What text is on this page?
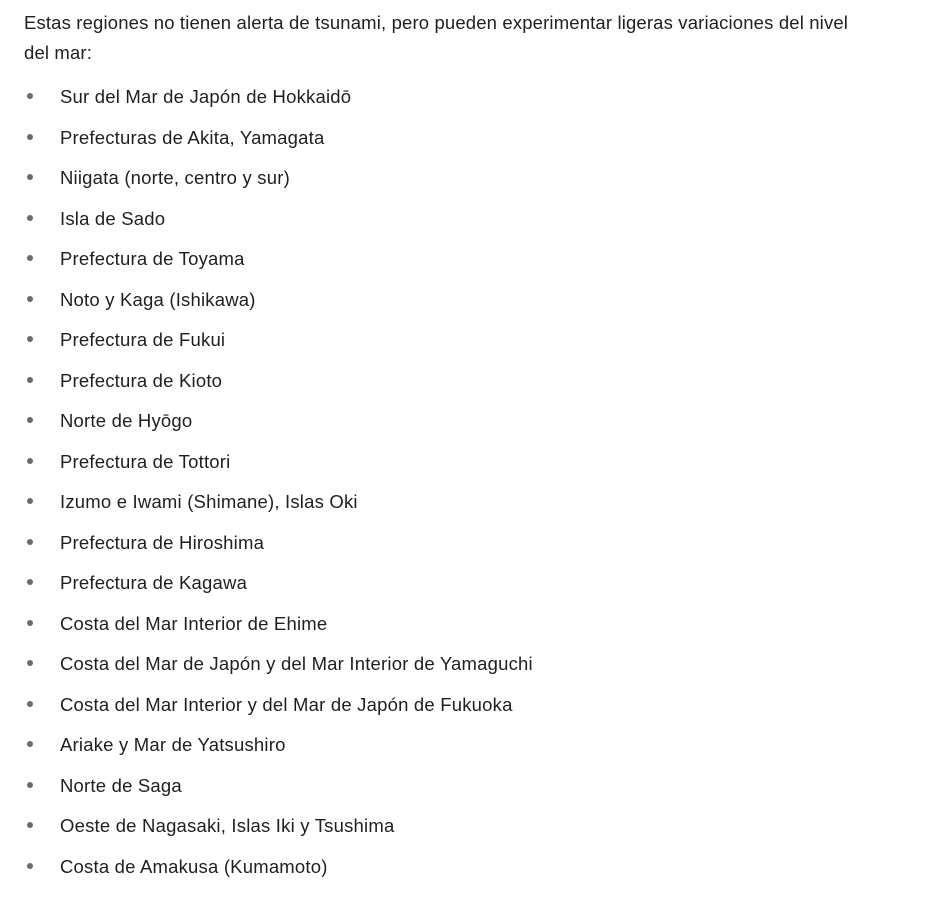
Estas regiones no tienen alerta de tsunami, pero pueden experimentar ligeras variaciones del nivel del mar:

Sur del Mar de Japón de Hokkaidō
Prefecturas de Akita, Yamagata
Niigata (norte, centro y sur)
Isla de Sado
Prefectura de Toyama
Noto y Kaga (Ishikawa)
Prefectura de Fukui
Prefectura de Kioto
Norte de Hyōgo
Prefectura de Tottori
Izumo e Iwami (Shimane), Islas Oki
Prefectura de Hiroshima
Prefectura de Kagawa
Costa del Mar Interior de Ehime
Costa del Mar de Japón y del Mar Interior de Yamaguchi
Costa del Mar Interior y del Mar de Japón de Fukuoka
Ariake y Mar de Yatsushiro
Norte de Saga
Oeste de Nagasaki, Islas Iki y Tsushima
Costa de Amakusa (Kumamoto)
